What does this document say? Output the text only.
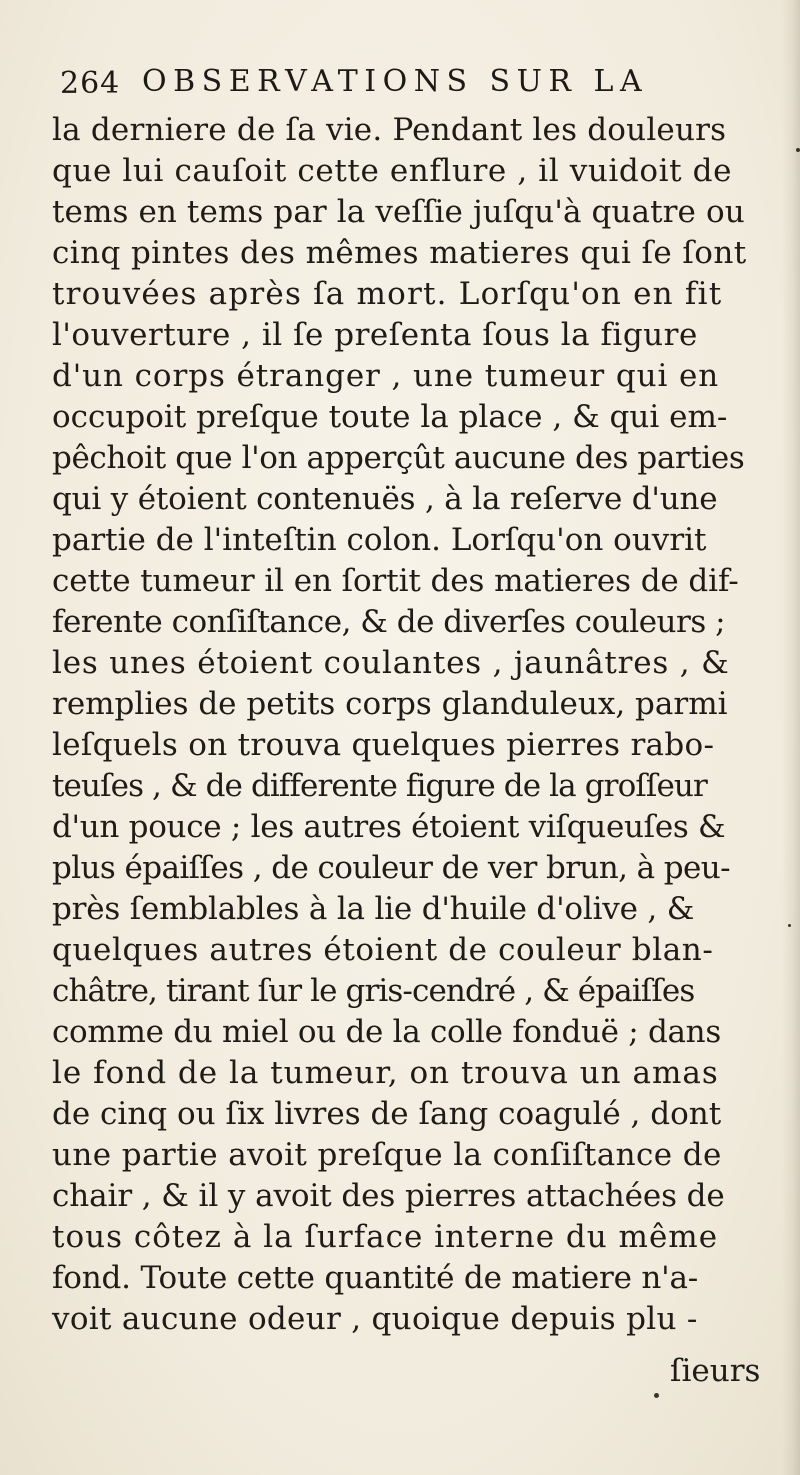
264 OBSERVATIONS SUR LA
la derniere de ſa vie. Pendant les douleurs
que lui cauſoit cette enflure , il vuidoit de
tems en tems par la veſſie juſqu'à quatre ou
cinq pintes des mêmes matieres qui ſe ſont
trouvées après ſa mort. Lorſqu'on en fit
l'ouverture , il ſe preſenta ſous la figure
d'un corps étranger , une tumeur qui en
occupoit preſque toute la place , & qui em-
pêchoit que l'on apperçût aucune des parties
qui y étoient contenuës , à la reſerve d'une
partie de l'inteſtin colon. Lorſqu'on ouvrit
cette tumeur il en ſortit des matieres de dif-
ferente conſiſtance, & de diverſes couleurs ;
les unes étoient coulantes , jaunâtres , &
remplies de petits corps glanduleux, parmi
leſquels on trouva quelques pierres rabo-
teuſes , & de differente figure de la groſſeur
d'un pouce ; les autres étoient viſqueuſes &
plus épaiſſes , de couleur de ver brun, à peu-
près ſemblables à la lie d'huile d'olive , &
quelques autres étoient de couleur blan-
châtre, tirant ſur le gris-cendré , & épaiſſes
comme du miel ou de la colle fonduë ; dans
le fond de la tumeur, on trouva un amas
de cinq ou ſix livres de ſang coagulé , dont
une partie avoit preſque la conſiſtance de
chair , & il y avoit des pierres attachées de
tous côtez à la ſurface interne du même
fond. Toute cette quantité de matiere n'a-
voit aucune odeur , quoique depuis plu -
ſieurs
